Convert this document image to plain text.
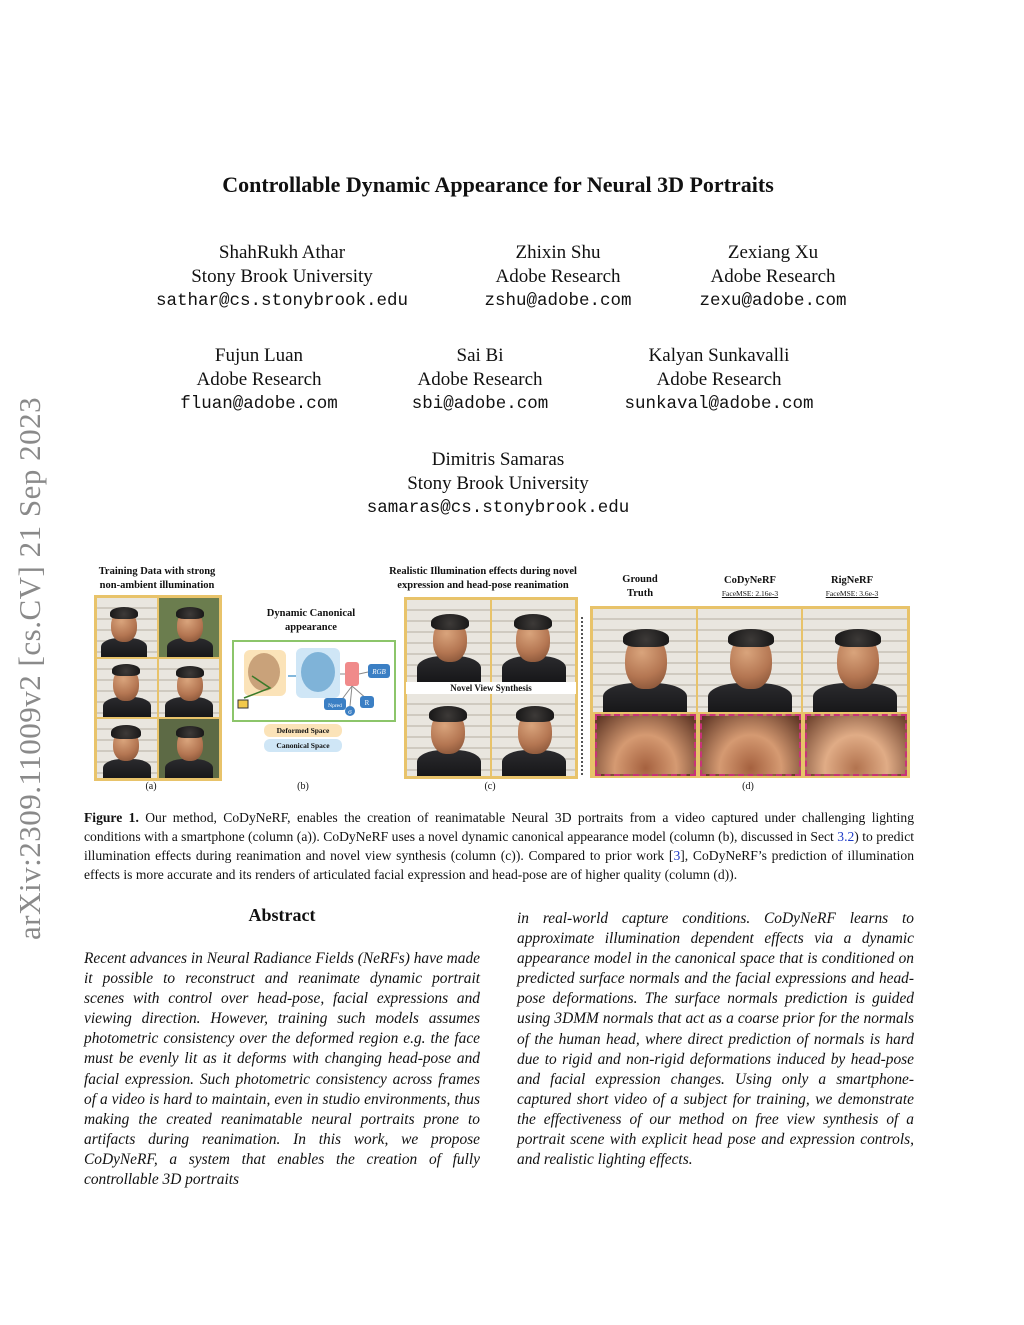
arXiv:2309.11009v2 [cs.CV] 21 Sep 2023
Controllable Dynamic Appearance for Neural 3D Portraits
ShahRukh Athar
Stony Brook University
sathar@cs.stonybrook.edu
Zhixin Shu
Adobe Research
zshu@adobe.com
Zexiang Xu
Adobe Research
zexu@adobe.com
Fujun Luan
Adobe Research
fluan@adobe.com
Sai Bi
Adobe Research
sbi@adobe.com
Kalyan Sunkavalli
Adobe Research
sunkaval@adobe.com
Dimitris Samaras
Stony Brook University
samaras@cs.stonybrook.edu
Training Data with strong
non-ambient illumination
(a)
Dynamic Canonical
appearance
RGB
Npred
σ
R
Deformed Space
Canonical Space
(b)
Realistic Illumination effects during novel
expression and head-pose reanimation
Novel View Synthesis
(c)
Ground
Truth
CoDyNeRF
FaceMSE: 2.16e-3
RigNeRF
FaceMSE: 3.6e-3
(d)
Figure 1. Our method, CoDyNeRF, enables the creation of reanimatable Neural 3D portraits from a video captured under challenging lighting conditions with a smartphone (column (a)). CoDyNeRF uses a novel dynamic canonical appearance model (column (b), discussed in Sect 3.2) to predict illumination effects during reanimation and novel view synthesis (column (c)). Compared to prior work [3], CoDyNeRF’s prediction of illumination effects is more accurate and its renders of articulated facial expression and head-pose are of higher quality (column (d)).
Abstract
Recent advances in Neural Radiance Fields (NeRFs) have made it possible to reconstruct and reanimate dynamic portrait scenes with control over head-pose, facial expressions and viewing direction. However, training such models assumes photometric consistency over the deformed region e.g. the face must be evenly lit as it deforms with changing head-pose and facial expression. Such photometric consistency across frames of a video is hard to maintain, even in studio environments, thus making the created reanimatable neural portraits prone to artifacts during reanimation. In this work, we propose CoDyNeRF, a system that enables the creation of fully controllable 3D portraits
in real-world capture conditions. CoDyNeRF learns to approximate illumination dependent effects via a dynamic appearance model in the canonical space that is conditioned on predicted surface normals and the facial expressions and head-pose deformations. The surface normals prediction is guided using 3DMM normals that act as a coarse prior for the normals of the human head, where direct prediction of normals is hard due to rigid and non-rigid deformations induced by head-pose and facial expression changes. Using only a smartphone-captured short video of a subject for training, we demonstrate the effectiveness of our method on free view synthesis of a portrait scene with explicit head pose and expression controls, and realistic lighting effects.
